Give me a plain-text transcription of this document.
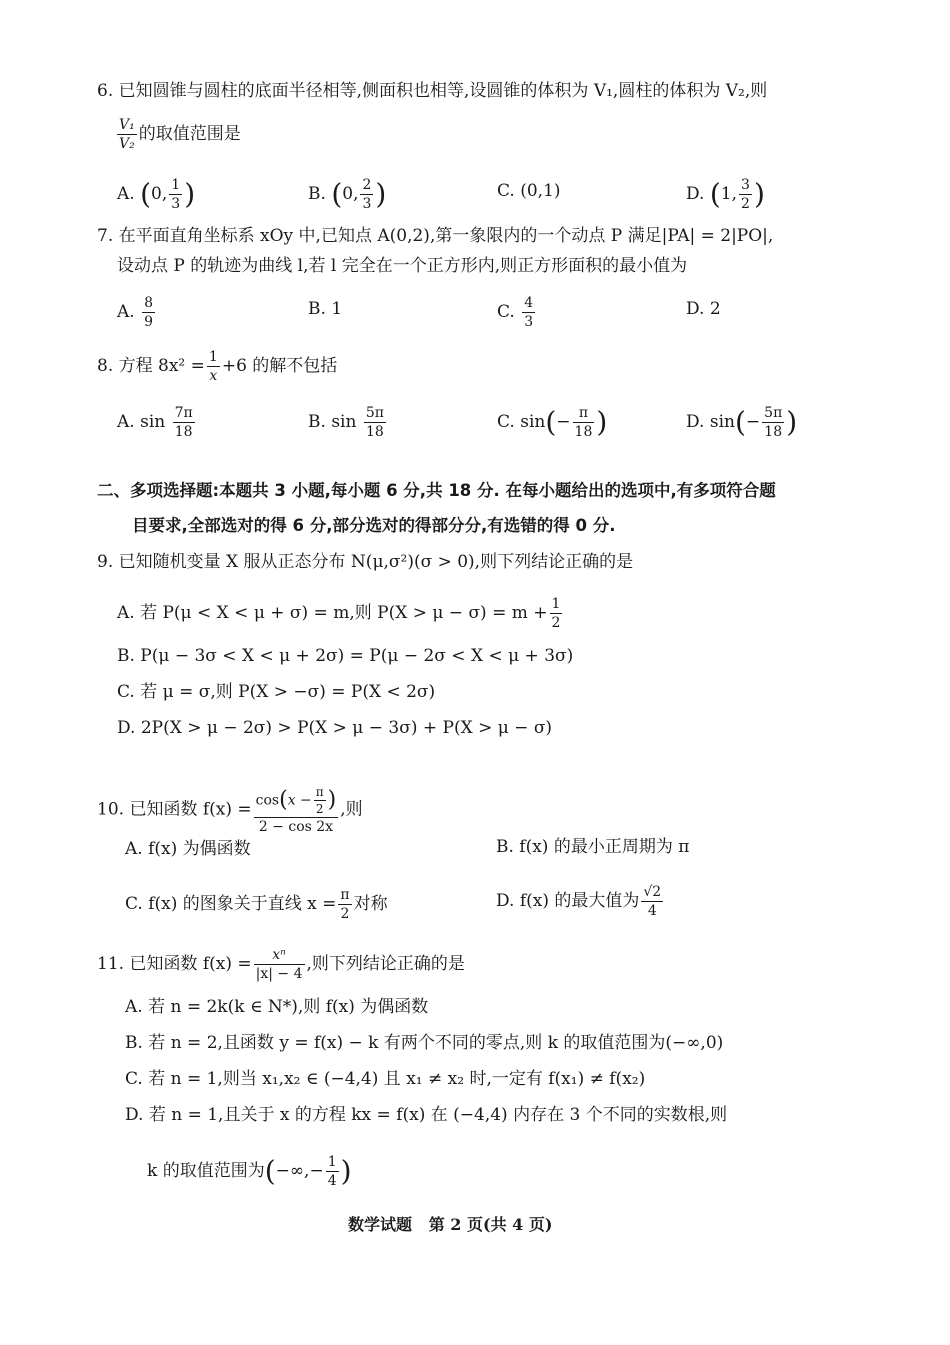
6. 已知圆锥与圆柱的底面半径相等,侧面积也相等,设圆锥的体积为 V₁,圆柱的体积为 V₂,则
$\frac{\text{V₁}}{\text{V₂}}$ 的取值范围是
A. (0, $\frac{1}{3}$ )	B. (0, $\frac{2}{3}$ )	C. (0,1)	D. (1, $\frac{3}{2}$ )
7. 在平面直角坐标系 xOy 中,已知点 A(0,2),第一象限内的一个动点 P 满足|PA| = 2|PO|,
设动点 P 的轨迹为曲线 l,若 l 完全在一个正方形内,则正方形面积的最小值为
A. $\frac{8}{9}$	B. 1	C. $\frac{4}{3}$	D. 2
8. 方程 $8x^2 = \frac{1}{x} +6$ 的解不包括
A. $\sin \frac{7\pi}{18}$	B. $\sin \frac{5\pi}{18}$	C. $\sin(- \frac{\pi}{18}$ )	D. $\sin(- \frac{5\pi}{18}$ )
二、多项选择题:本题共 3 小题,每小题 6 分,共 18 分. 在每小题给出的选项中,有多项符合题
目要求,全部选对的得 6 分,部分选对的得部分分,有选错的得 0 分.
9. 已知随机变量 X 服从正态分布 N(μ,σ²)(σ > 0),则下列结论正确的是
A. 若 P(μ < X < μ + σ) = m,则 $P(X > \mu - \sigma) = m + \frac{1}{2}$
B. P(μ − 3σ < X < μ + 2σ) = P(μ − 2σ < X < μ + 3σ)
C. 若 μ = σ,则 P(X > −σ) = P(X < 2σ)
D. 2P(X > μ − 2σ) > P(X > μ − 3σ) + P(X > μ − σ)
10. 已知函数 $f(x) = \frac{\cos(x - \frac{\pi}{2} )}{2 - \cos 2x}$ ,则
A. f(x) 为偶函数	B. f(x) 的最小正周期为 π
C. f(x) 的图象关于直线 $x = \frac{\pi}{2}$ 对称	D. f(x) 的最大值为 $\frac{√2}{4}$
11. 已知函数 $f(x) = \frac{\text{xⁿ}}{|x| - 4}$ ,则下列结论正确的是
A. 若 n = 2k(k ∈ N*),则 f(x) 为偶函数
B. 若 n = 2,且函数 y = f(x) − k 有两个不同的零点,则 k 的取值范围为(−∞,0)
C. 若 n = 1,则当 x₁,x₂ ∈ (−4,4) 且 x₁ ≠ x₂ 时,一定有 f(x₁) ≠ f(x₂)
D. 若 n = 1,且关于 x 的方程 kx = f(x) 在 (−4,4) 内存在 3 个不同的实数根,则
k 的取值范围为(−∞,− $\frac{1}{4}$ )
数学试题 第 2 页(共 4 页)
